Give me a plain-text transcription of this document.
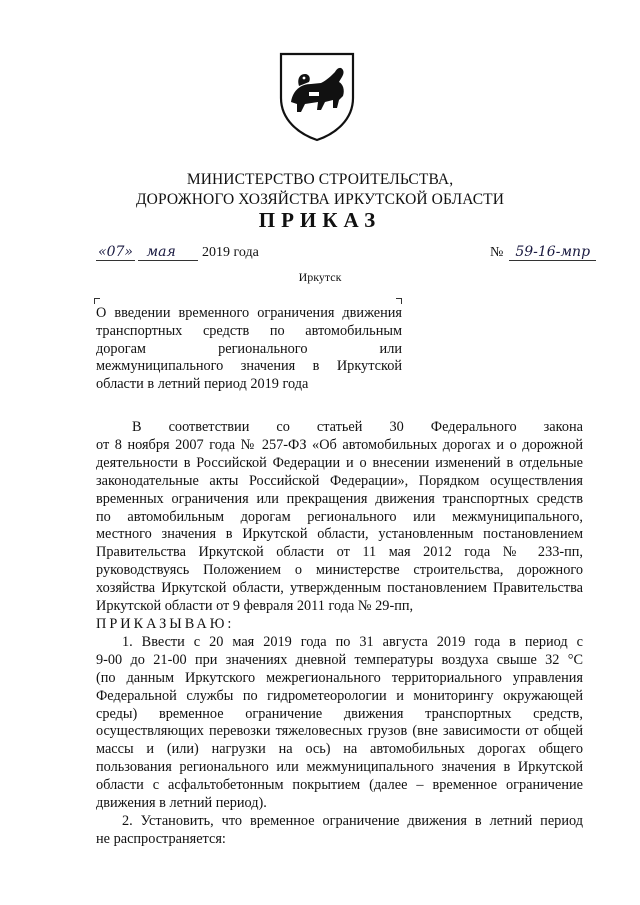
МИНИСТЕРСТВО СТРОИТЕЛЬСТВА,
ДОРОЖНОГО ХОЗЯЙСТВА ИРКУТСКОЙ ОБЛАСТИ
ПРИКАЗ
«07» мая 2019 года	№ 59-16-мпр
Иркутск
О введении временного ограничения движения
транспортных средств по автомобильным
дорогам регионального или
межмуниципального значения в Иркутской
области в летний период 2019 года
В соответствии со статьей 30 Федерального закона
от 8 ноября 2007 года № 257-ФЗ «Об автомобильных дорогах и о дорожной
деятельности в Российской Федерации и о внесении изменений в отдельные
законодательные акты Российской Федерации», Порядком осуществления
временных ограничения или прекращения движения транспортных средств
по автомобильным дорогам регионального или межмуниципального,
местного значения в Иркутской области, установленным постановлением
Правительства Иркутской области от 11 мая 2012 года № 233-пп,
руководствуясь Положением о министерстве строительства, дорожного
хозяйства Иркутской области, утвержденным постановлением Правительства
Иркутской области от 9 февраля 2011 года № 29-пп,
ПРИКАЗЫВАЮ:
1. Ввести с 20 мая 2019 года по 31 августа 2019 года в период с
9-00 до 21-00 при значениях дневной температуры воздуха свыше 32 °С
(по данным Иркутского межрегионального территориального управления
Федеральной службы по гидрометеорологии и мониторингу окружающей
среды) временное ограничение движения транспортных средств,
осуществляющих перевозки тяжеловесных грузов (вне зависимости от общей
массы и (или) нагрузки на ось) на автомобильных дорогах общего
пользования регионального или межмуниципального значения в Иркутской
области с асфальтобетонным покрытием (далее – временное ограничение
движения в летний период).
2. Установить, что временное ограничение движения в летний период
не распространяется:
